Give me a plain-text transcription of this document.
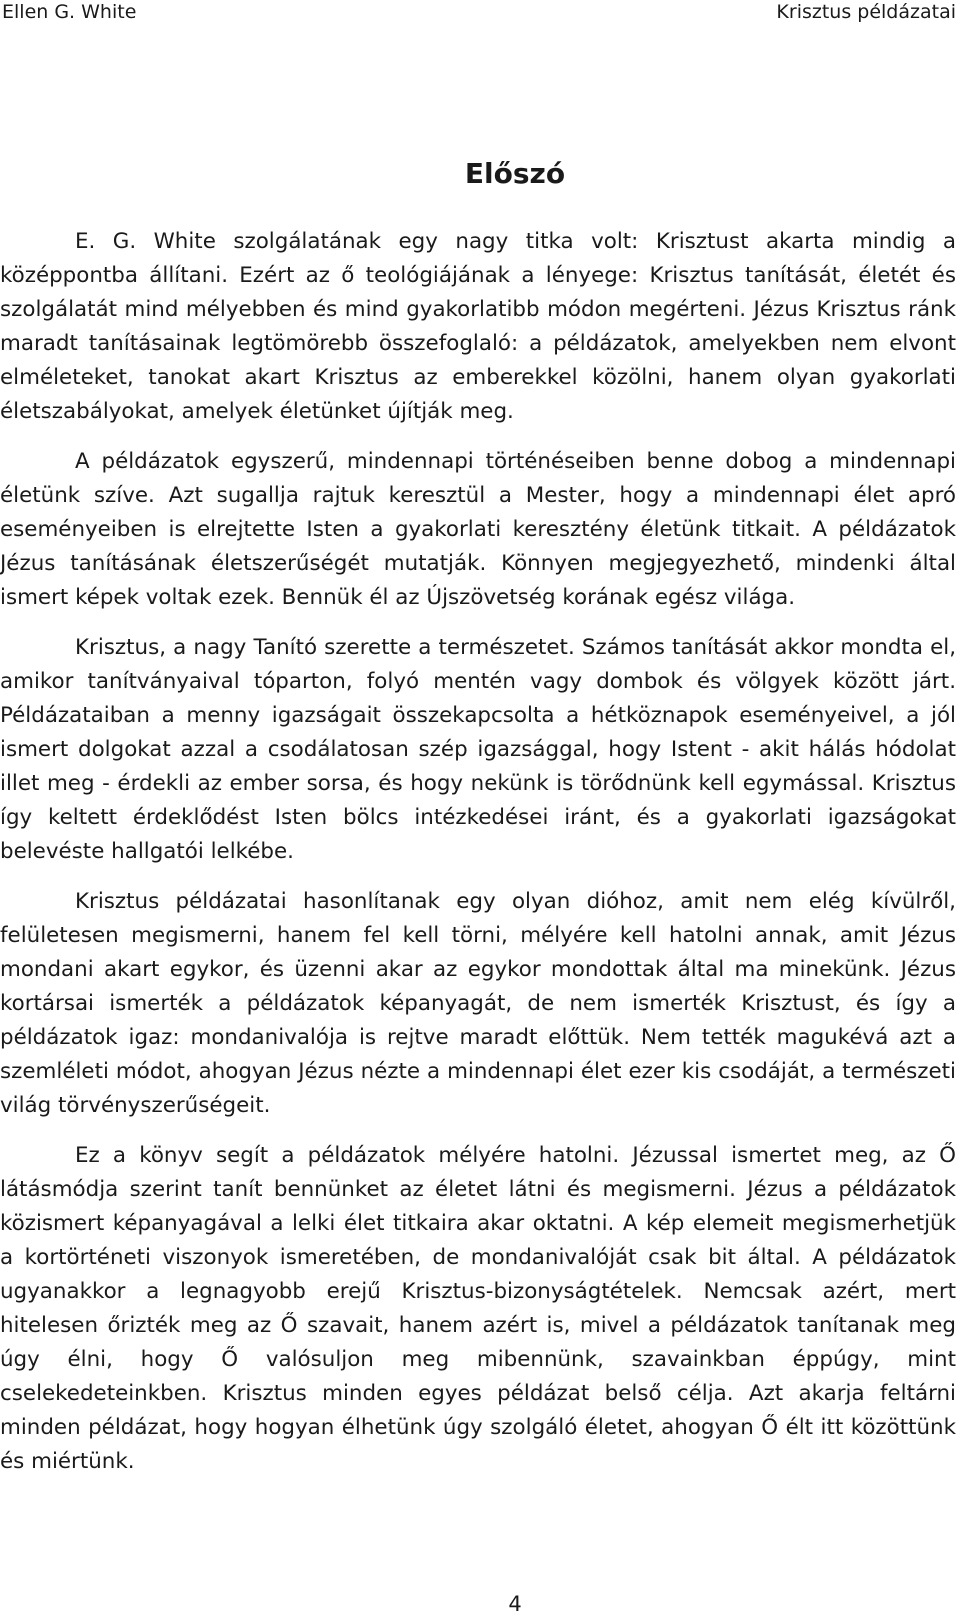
Ellen G. White	Krisztus példázatai
Előszó

E. G. White szolgálatának egy nagy titka volt: Krisztust akarta mindig a középpontba állítani. Ezért az ő teológiájának a lényege: Krisztus tanítását, életét és szolgálatát mind mélyebben és mind gyakorlatibb módon megérteni. Jézus Krisztus ránk maradt tanításainak legtömörebb összefoglaló: a példázatok, amelyekben nem elvont elméleteket, tanokat akart Krisztus az emberekkel közölni, hanem olyan gyakorlati életszabályokat, amelyek életünket újítják meg.

A példázatok egyszerű, mindennapi történéseiben benne dobog a mindennapi életünk szíve. Azt sugallja rajtuk keresztül a Mester, hogy a mindennapi élet apró eseményeiben is elrejtette Isten a gyakorlati keresztény életünk titkait. A példázatok Jézus tanításának életszerűségét mutatják. Könnyen megjegyezhető, mindenki által ismert képek voltak ezek. Bennük él az Újszövetség korának egész világa.

Krisztus, a nagy Tanító szerette a természetet. Számos tanítását akkor mondta el, amikor tanítványaival tóparton, folyó mentén vagy dombok és völgyek között járt. Példázataiban a menny igazságait összekapcsolta a hétköznapok eseményeivel, a jól ismert dolgokat azzal a csodálatosan szép igazsággal, hogy Istent - akit hálás hódolat illet meg - érdekli az ember sorsa, és hogy nekünk is törődnünk kell egymással. Krisztus így keltett érdeklődést Isten bölcs intézkedései iránt, és a gyakorlati igazságokat belevéste hallgatói lelkébe.

Krisztus példázatai hasonlítanak egy olyan dióhoz, amit nem elég kívülről, felületesen megismerni, hanem fel kell törni, mélyére kell hatolni annak, amit Jézus mondani akart egykor, és üzenni akar az egykor mondottak által ma minekünk. Jézus kortársai ismerték a példázatok képanyagát, de nem ismerték Krisztust, és így a példázatok igaz: mondanivalója is rejtve maradt előttük. Nem tették magukévá azt a szemléleti módot, ahogyan Jézus nézte a mindennapi élet ezer kis csodáját, a természeti világ törvényszerűségeit.

Ez a könyv segít a példázatok mélyére hatolni. Jézussal ismertet meg, az Ő látásmódja szerint tanít bennünket az életet látni és megismerni. Jézus a példázatok közismert képanyagával a lelki élet titkaira akar oktatni. A kép elemeit megismerhetjük a kortörténeti viszonyok ismeretében, de mondanivalóját csak bit által. A példázatok ugyanakkor a legnagyobb erejű Krisztus-bizonyságtételek. Nemcsak azért, mert hitelesen őrizték meg az Ő szavait, hanem azért is, mivel a példázatok tanítanak meg úgy élni, hogy Ő valósuljon meg mibennünk, szavainkban éppúgy, mint cselekedeteinkben. Krisztus minden egyes példázat belső célja. Azt akarja feltárni minden példázat, hogy hogyan élhetünk úgy szolgáló életet, ahogyan Ő élt itt közöttünk és miértünk.

4
